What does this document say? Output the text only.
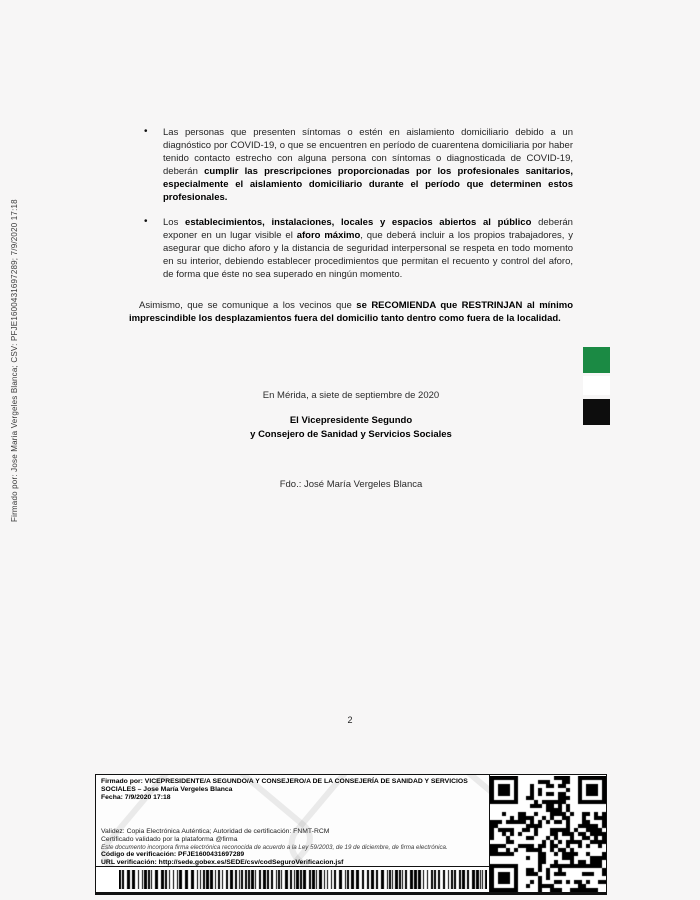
Firmado por: Jose Maria Vergeles Blanca; CSV: PFJE1600431697289; 7/9/2020 17:18
• Las personas que presenten síntomas o estén en aislamiento domiciliario debido a un diagnóstico por COVID-19, o que se encuentren en período de cuarentena domiciliaria por haber tenido contacto estrecho con alguna persona con síntomas o diagnosticada de COVID-19, deberán cumplir las prescripciones proporcionadas por los profesionales sanitarios, especialmente el aislamiento domiciliario durante el período que determinen estos profesionales.
• Los establecimientos, instalaciones, locales y espacios abiertos al público deberán exponer en un lugar visible el aforo máximo, que deberá incluir a los propios trabajadores, y asegurar que dicho aforo y la distancia de seguridad interpersonal se respeta en todo momento en su interior, debiendo establecer procedimientos que permitan el recuento y control del aforo, de forma que éste no sea superado en ningún momento.

Asimismo, que se comunique a los vecinos que se RECOMIENDA que RESTRINJAN al mínimo imprescindible los desplazamientos fuera del domicilio tanto dentro como fuera de la localidad.

En Mérida, a siete de septiembre de 2020
El Vicepresidente Segundo
y Consejero de Sanidad y Servicios Sociales
Fdo.: José María Vergeles Blanca
2
Firmado por: VICEPRESIDENTE/A SEGUNDO/A Y CONSEJERO/A DE LA CONSEJERÍA DE SANIDAD Y SERVICIOS SOCIALES – Jose María Vergeles Blanca
Fecha: 7/9/2020 17:18
Validez: Copia Electrónica Auténtica; Autoridad de certificación: FNMT-RCM
Certificado validado por la plataforma @firma
Este documento incorpora firma electrónica reconocida de acuerdo a la Ley 59/2003, de 19 de diciembre, de firma electrónica.
Código de verificación: PFJE1600431697289
URL verificación: http://sede.gobex.es/SEDE/csv/codSeguroVerificacion.jsf
